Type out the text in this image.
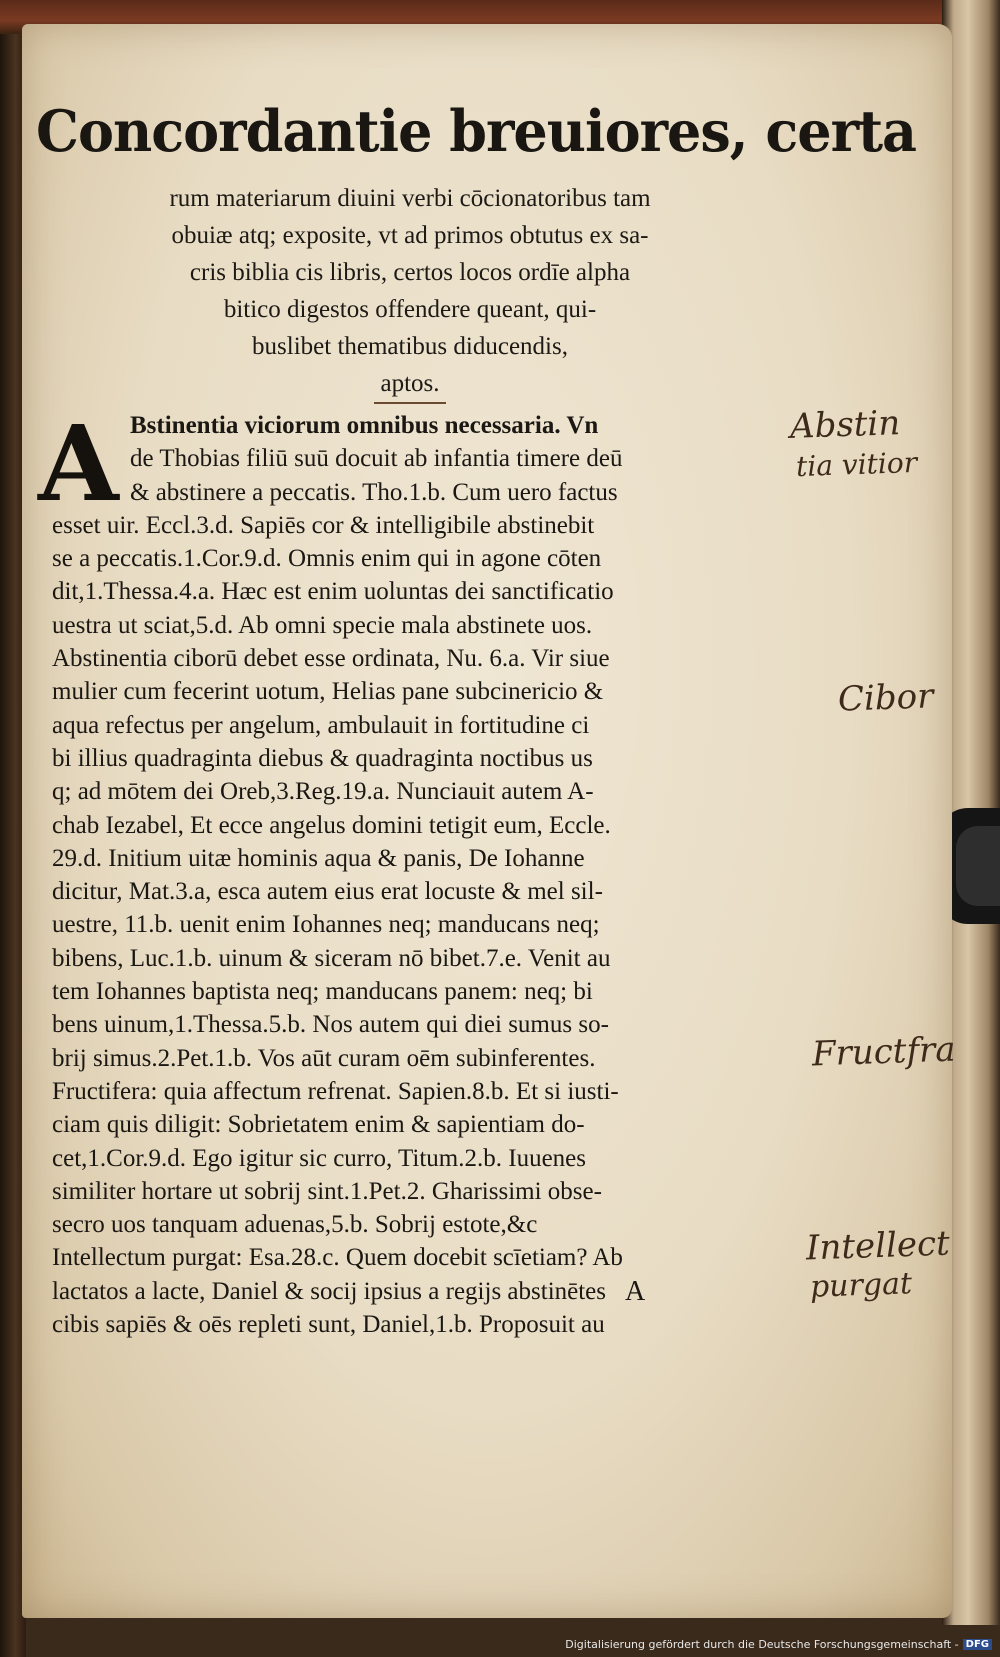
Concordantie breuiores, certa
rum materiarum diuini verbi cōcionatoribus tam
obuiæ atq; exposite, vt ad primos obtutus ex sa-
cris biblia cis libris, certos locos ordīe alpha
bitico digestos offendere queant, qui-
buslibet thematibus diducendis,
aptos.
A Bstinentia viciorum omnibus necessaria. Vn
de Thobias filiū suū docuit ab infantia timere deū
& abstinere a peccatis. Tho.1.b. Cum uero factus
esset uir. Eccl.3.d. Sapiēs cor & intelligibile abstinebit
se a peccatis.1.Cor.9.d. Omnis enim qui in agone cōten
dit,1.Thessa.4.a. Hæc est enim uoluntas dei sanctificatio
uestra ut sciat,5.d. Ab omni specie mala abstinete uos.
Abstinentia ciborū debet esse ordinata, Nu. 6.a. Vir siue
mulier cum fecerint uotum, Helias pane subcinericio &
aqua refectus per angelum, ambulauit in fortitudine ci
bi illius quadraginta diebus & quadraginta noctibus us
q; ad mōtem dei Oreb,3.Reg.19.a. Nunciauit autem A-
chab Iezabel, Et ecce angelus domini tetigit eum, Eccle.
29.d. Initium uitæ hominis aqua & panis, De Iohanne
dicitur, Mat.3.a, esca autem eius erat locuste & mel sil-
uestre, 11.b. uenit enim Iohannes neq; manducans neq;
bibens, Luc.1.b. uinum & siceram nō bibet.7.e. Venit au
tem Iohannes baptista neq; manducans panem: neq; bi
bens uinum,1.Thessa.5.b. Nos autem qui diei sumus so-
brij simus.2.Pet.1.b. Vos aūt curam oēm subinferentes.
Fructifera: quia affectum refrenat. Sapien.8.b. Et si iusti-
ciam quis diligit: Sobrietatem enim & sapientiam do-
cet,1.Cor.9.d. Ego igitur sic curro, Titum.2.b. Iuuenes
similiter hortare ut sobrij sint.1.Pet.2. Gharissimi obse-
secro uos tanquam aduenas,5.b. Sobrij estote,&c
Intellectum purgat: Esa.28.c. Quem docebit scīetiam? Ab
lactatos a lacte, Daniel & socij ipsius a regijs abstinētes
cibis sapiēs & oēs repleti sunt, Daniel,1.b. Proposuit au
A
Abstin
tia vitior
Cibor
Fructfra
Intellect
purgat
Digitalisierung gefördert durch die Deutsche Forschungsgemeinschaft - DFG
